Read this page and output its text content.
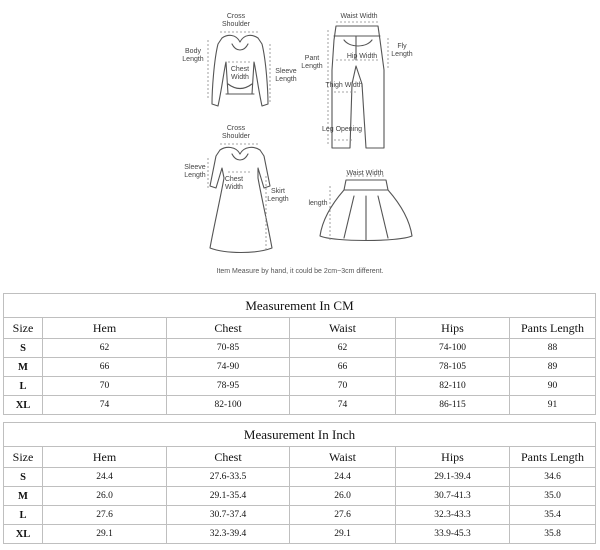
Cross
Shoulder
Body
Length
Chest
Width
Sleeve
Length
Waist Width
Pant
Length
Hip Width
Fly
Length
Thigh Width
Leg Opening
Cross
Shoulder
Sleeve
Length
Chest
Width
Skirt
Length
Waist Width
length
Item Measure by hand, it could be 2cm~3cm different.
Measurement In CM					
Size	Hem	Chest	Waist	Hips	Pants Length
S	62	70-85	62	74-100	88
M	66	74-90	66	78-105	89
L	70	78-95	70	82-110	90
XL	74	82-100	74	86-115	91
Measurement In Inch					
Size	Hem	Chest	Waist	Hips	Pants Length
S	24.4	27.6-33.5	24.4	29.1-39.4	34.6
M	26.0	29.1-35.4	26.0	30.7-41.3	35.0
L	27.6	30.7-37.4	27.6	32.3-43.3	35.4
XL	29.1	32.3-39.4	29.1	33.9-45.3	35.8
